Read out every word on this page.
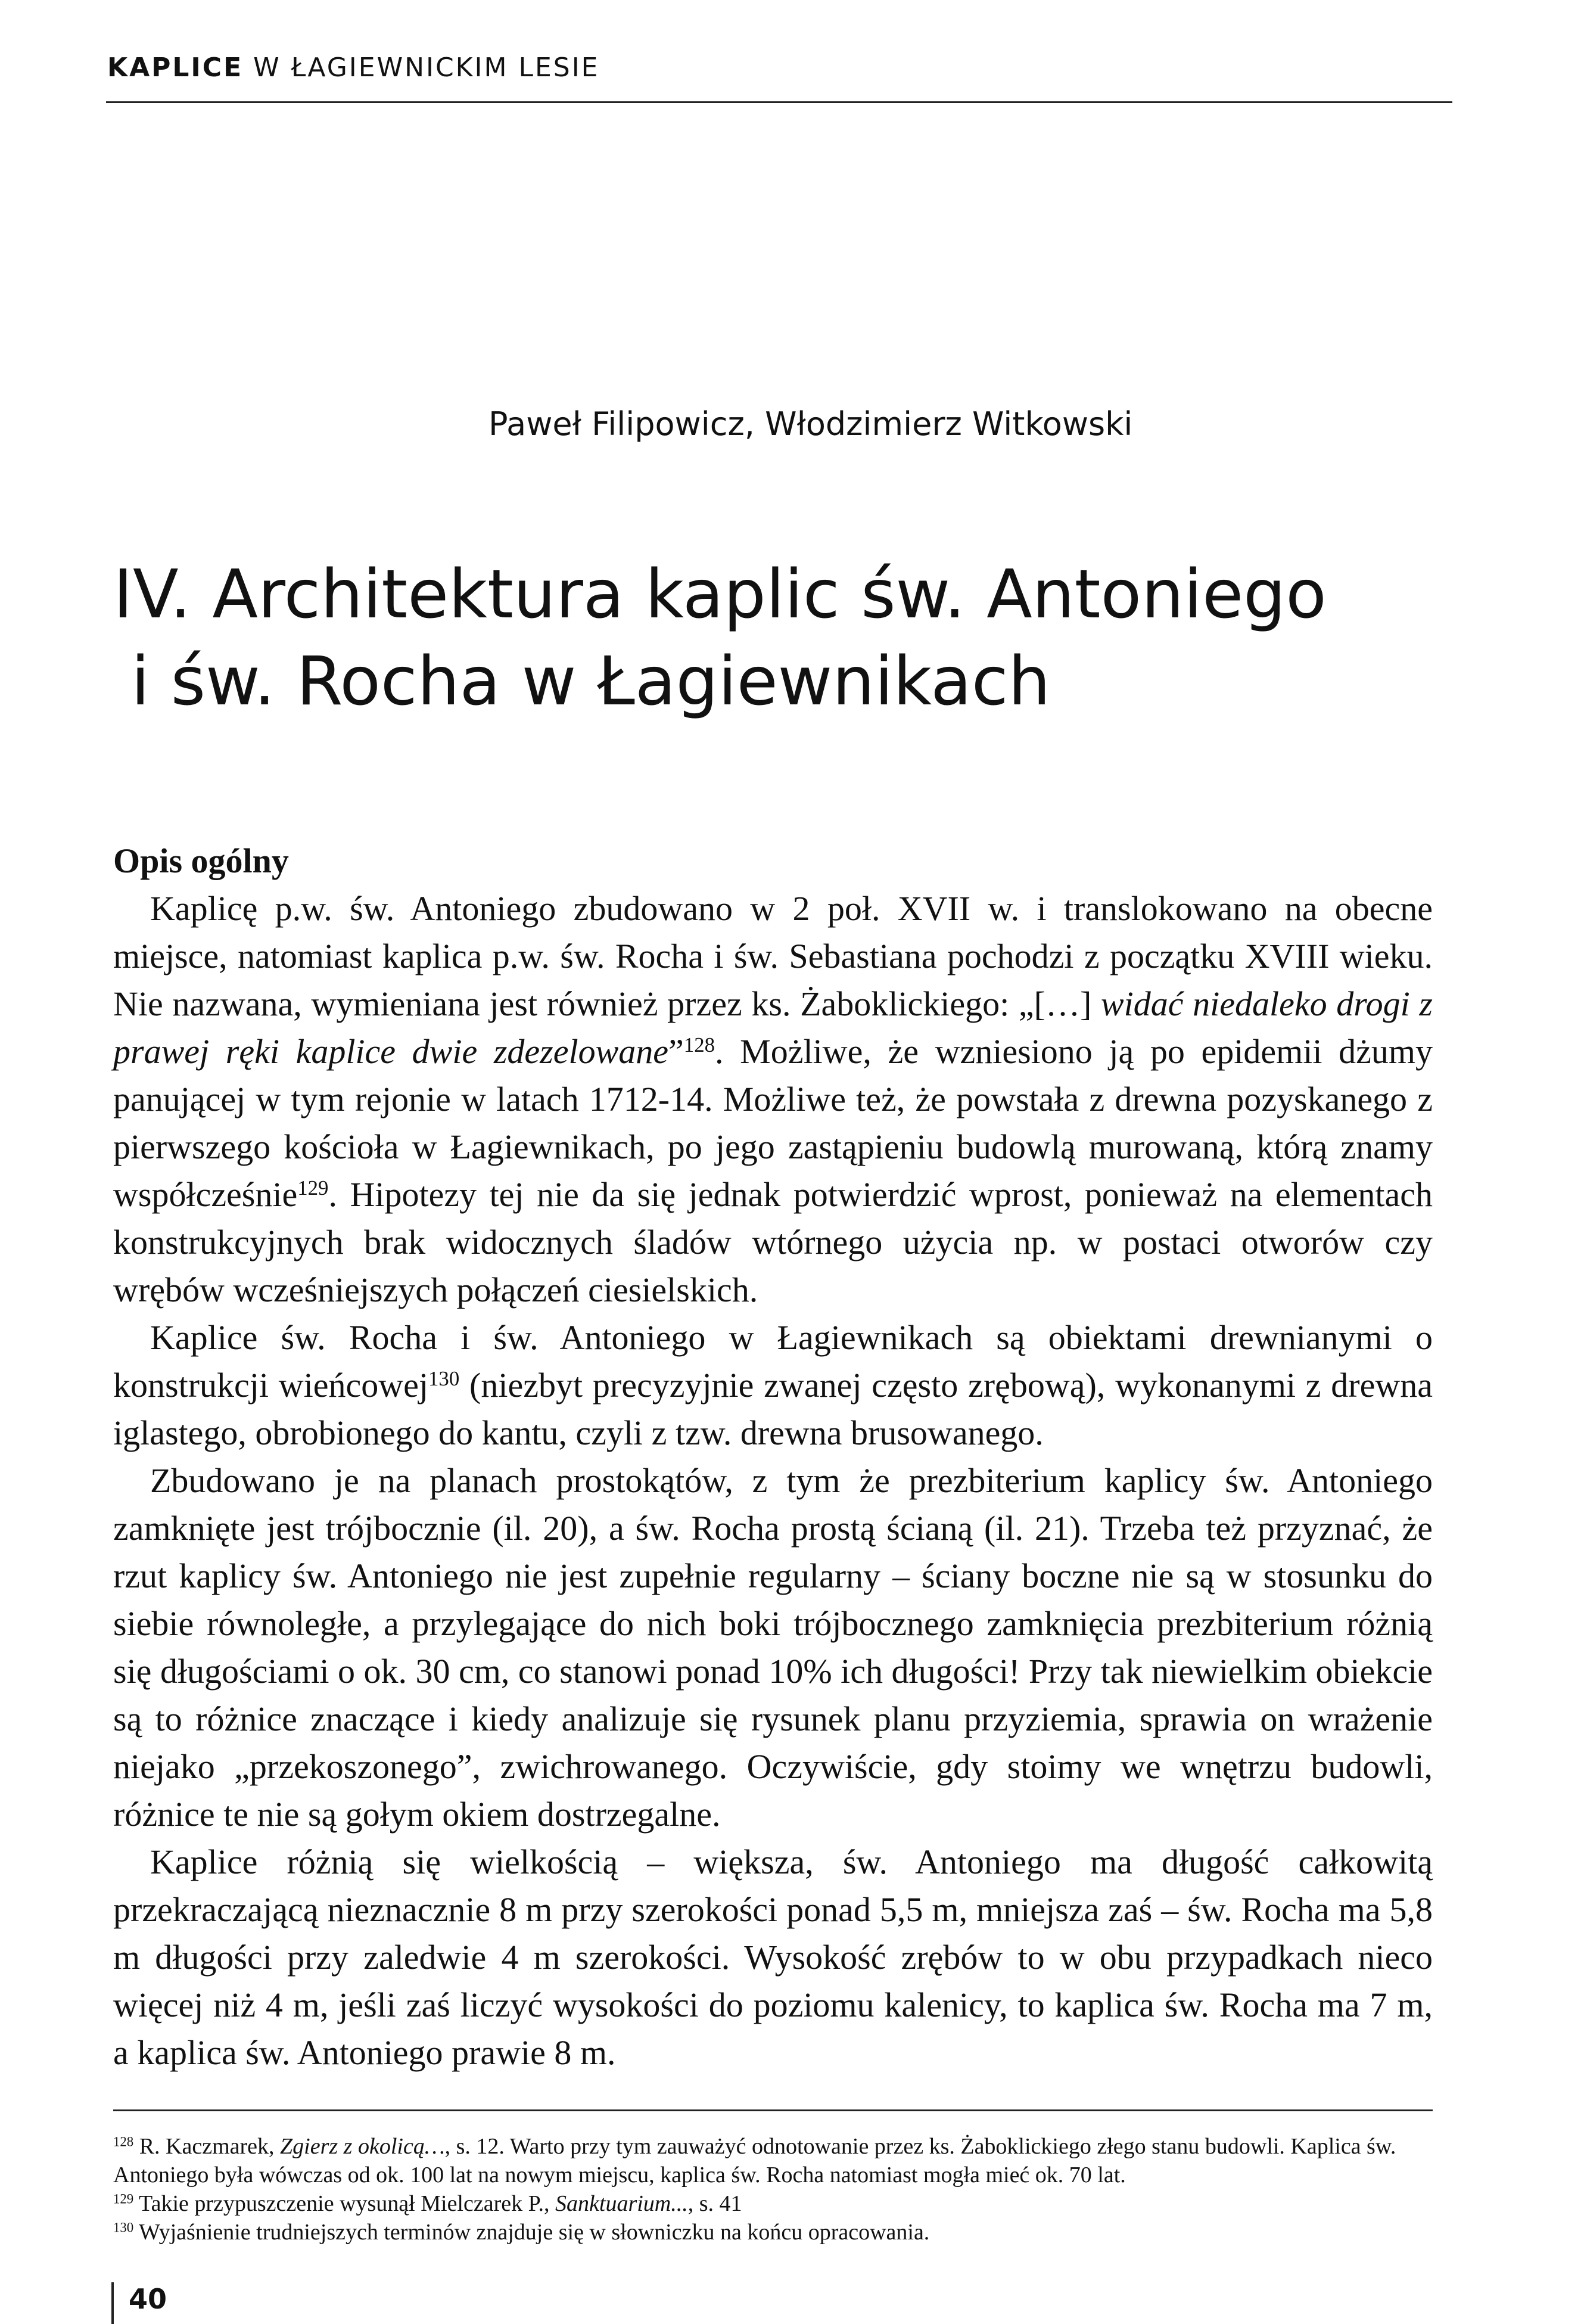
KAPLICE W ŁAGIEWNICKIM LESIE
Paweł Filipowicz, Włodzimierz Witkowski
IV. Architektura kaplic św. Antoniego
i św. Rocha w Łagiewnikach
Opis ogólny

Kaplicę p.w. św. Antoniego zbudowano w 2 poł. XVII w. i translokowano na obecne miejsce, natomiast kaplica p.w. św. Rocha i św. Sebastiana pochodzi z początku XVIII wieku. Nie nazwana, wymieniana jest również przez ks. Żaboklickiego: „[…] widać niedaleko drogi z prawej ręki kaplice dwie zdezelowane”$^{128}$. Możliwe, że wzniesiono ją po epidemii dżumy panującej w tym rejonie w latach 1712-14. Możliwe też, że powstała z drewna pozyskanego z pierwszego kościoła w Łagiewnikach, po jego zastąpieniu budowlą murowaną, którą znamy współcześnie$^{129}$. Hipotezy tej nie da się jednak potwierdzić wprost, ponieważ na elementach konstrukcyjnych brak widocznych śladów wtórnego użycia np. w postaci otworów czy wrębów wcześniejszych połączeń ciesielskich.

Kaplice św. Rocha i św. Antoniego w Łagiewnikach są obiektami drewnianymi o konstrukcji wieńcowej$^{130}$ (niezbyt precyzyjnie zwanej często zrębową), wykonanymi z drewna iglastego, obrobionego do kantu, czyli z tzw. drewna brusowanego.

Zbudowano je na planach prostokątów, z tym że prezbiterium kaplicy św. Antoniego zamknięte jest trójbocznie (il. 20), a św. Rocha prostą ścianą (il. 21). Trzeba też przyznać, że rzut kaplicy św. Antoniego nie jest zupełnie regularny – ściany boczne nie są w stosunku do siebie równoległe, a przylegające do nich boki trójbocznego zamknięcia prezbiterium różnią się długościami o ok. 30 cm, co stanowi ponad 10% ich długości! Przy tak niewielkim obiekcie są to różnice znaczące i kiedy analizuje się rysunek planu przyziemia, sprawia on wrażenie niejako „przekoszonego”, zwichrowanego. Oczywiście, gdy stoimy we wnętrzu budowli, różnice te nie są gołym okiem dostrzegalne.

Kaplice różnią się wielkością – większa, św. Antoniego ma długość całkowitą przekraczającą nieznacznie 8 m przy szerokości ponad 5,5 m, mniejsza zaś – św. Rocha ma 5,8 m długości przy zaledwie 4 m szerokości. Wysokość zrębów to w obu przypadkach nieco więcej niż 4 m, jeśli zaś liczyć wysokości do poziomu kalenicy, to kaplica św. Rocha ma 7 m, a kaplica św. Antoniego prawie 8 m.

$^{128}$ R. Kaczmarek, Zgierz z okolicą…, s. 12. Warto przy tym zauważyć odnotowanie przez ks. Żaboklickiego złego stanu budowli. Kaplica św. Antoniego była wówczas od ok. 100 lat na nowym miejscu, kaplica św. Rocha natomiast mogła mieć ok. 70 lat.

$^{129}$ Takie przypuszczenie wysunął Mielczarek P., Sanktuarium..., s. 41

$^{130}$ Wyjaśnienie trudniejszych terminów znajduje się w słowniczku na końcu opracowania.

40
